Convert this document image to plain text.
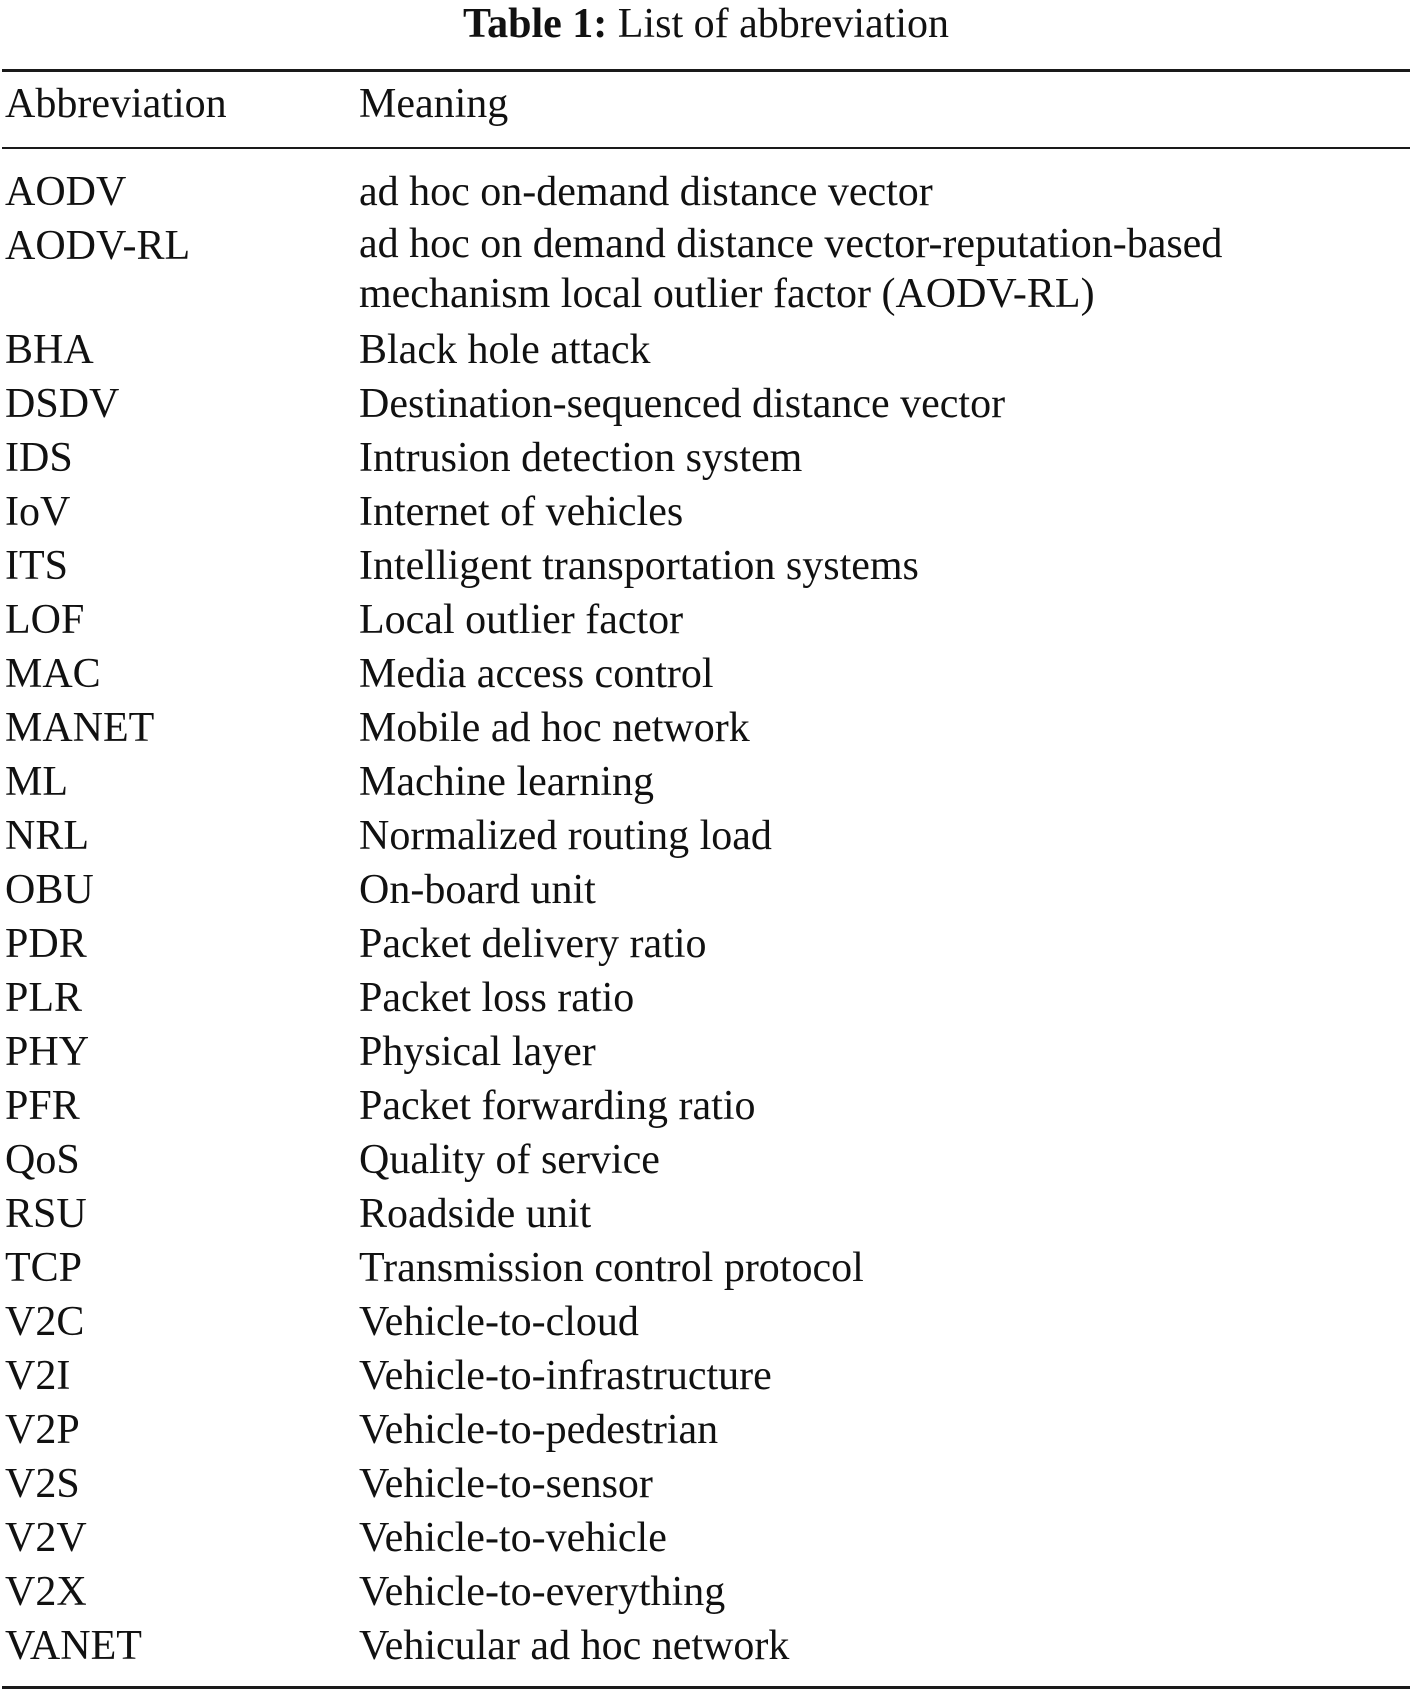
Table 1: List of abbreviation
Abbreviation	Meaning
AODV	ad hoc on-demand distance vector
AODV-RL	ad hoc on demand distance vector-reputation-based
mechanism local outlier factor (AODV-RL)
BHA	Black hole attack
DSDV	Destination-sequenced distance vector
IDS	Intrusion detection system
IoV	Internet of vehicles
ITS	Intelligent transportation systems
LOF	Local outlier factor
MAC	Media access control
MANET	Mobile ad hoc network
ML	Machine learning
NRL	Normalized routing load
OBU	On-board unit
PDR	Packet delivery ratio
PLR	Packet loss ratio
PHY	Physical layer
PFR	Packet forwarding ratio
QoS	Quality of service
RSU	Roadside unit
TCP	Transmission control protocol
V2C	Vehicle-to-cloud
V2I	Vehicle-to-infrastructure
V2P	Vehicle-to-pedestrian
V2S	Vehicle-to-sensor
V2V	Vehicle-to-vehicle
V2X	Vehicle-to-everything
VANET	Vehicular ad hoc network
